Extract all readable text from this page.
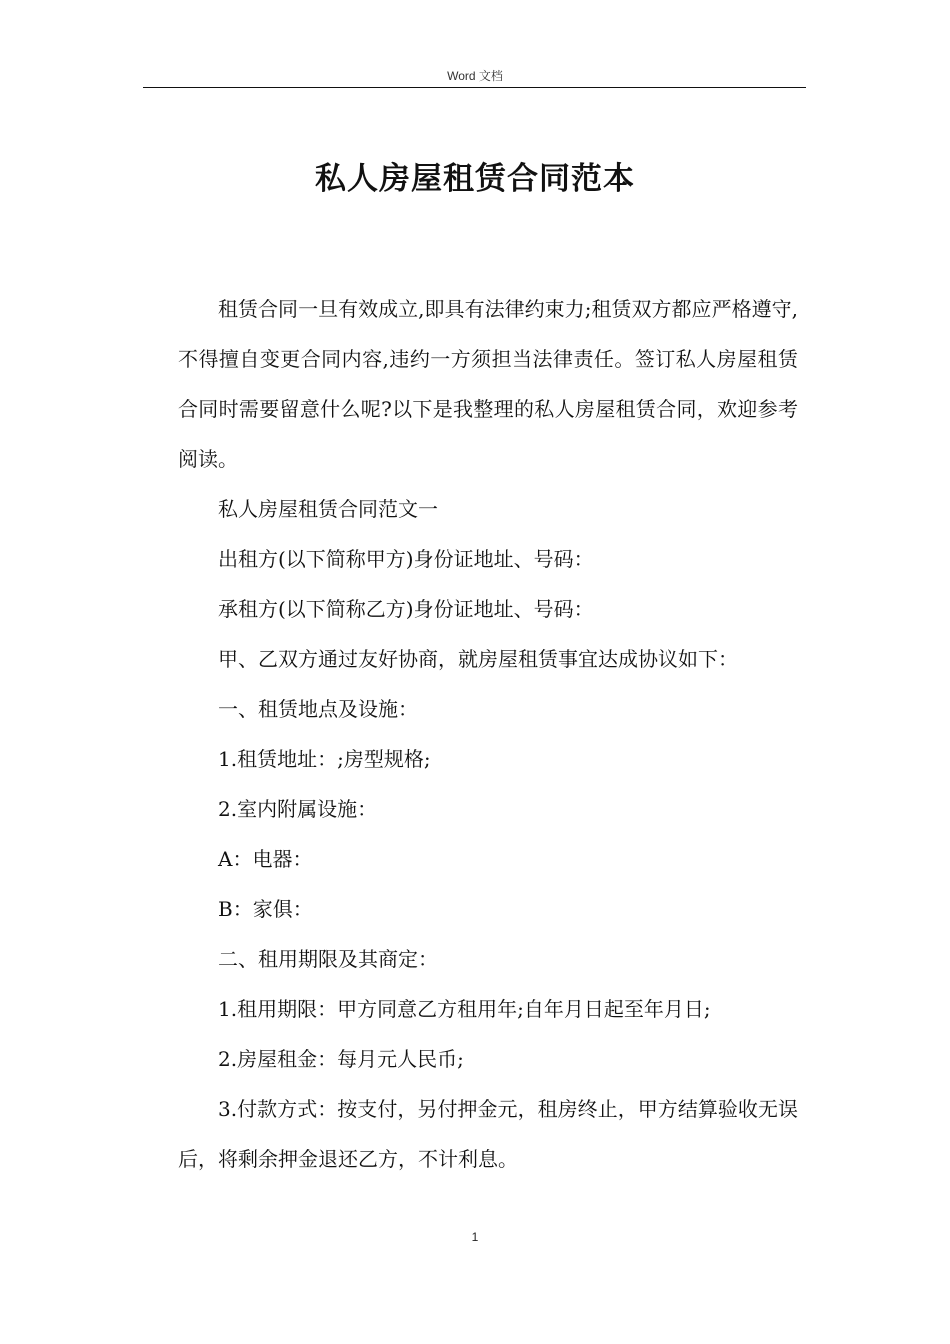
Word 文档
私人房屋租赁合同范本

租赁合同一旦有效成立,即具有法律约束力;租赁双方都应严格遵守,不得擅自变更合同内容,违约一方须担当法律责任。签订私人房屋租赁合同时需要留意什么呢?以下是我整理的私人房屋租赁合同，欢迎参考阅读。

私人房屋租赁合同范文一

出租方(以下简称甲方)身份证地址、号码：

承租方(以下简称乙方)身份证地址、号码：

甲、乙双方通过友好协商，就房屋租赁事宜达成协议如下：

一、租赁地点及设施：

1.租赁地址：;房型规格;

2.室内附属设施：

A：电器：

B：家俱：

二、租用期限及其商定：

1.租用期限：甲方同意乙方租用年;自年月日起至年月日;

2.房屋租金：每月元人民币;

3.付款方式：按支付，另付押金元，租房终止，甲方结算验收无误后，将剩余押金退还乙方，不计利息。

1
